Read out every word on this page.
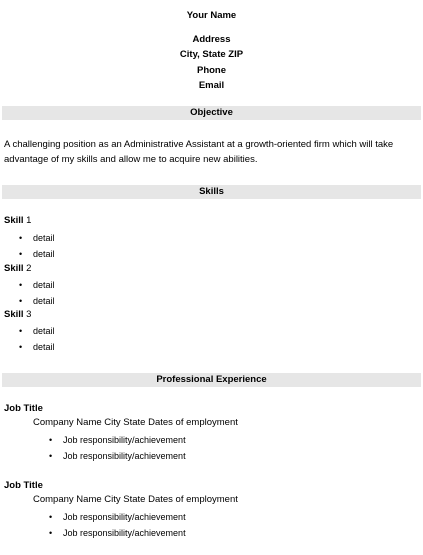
Your Name
Address
City, State ZIP
Phone
Email
Objective
A challenging position as an Administrative Assistant at a growth-oriented firm which will take advantage of my skills and allow me to acquire new abilities.
Skills
Skill 1
• detail
• detail
Skill 2
• detail
• detail
Skill 3
• detail
• detail
Professional Experience
Job Title
Company Name City State Dates of employment
• Job responsibility/achievement
• Job responsibility/achievement
Job Title
Company Name City State Dates of employment
• Job responsibility/achievement
• Job responsibility/achievement
